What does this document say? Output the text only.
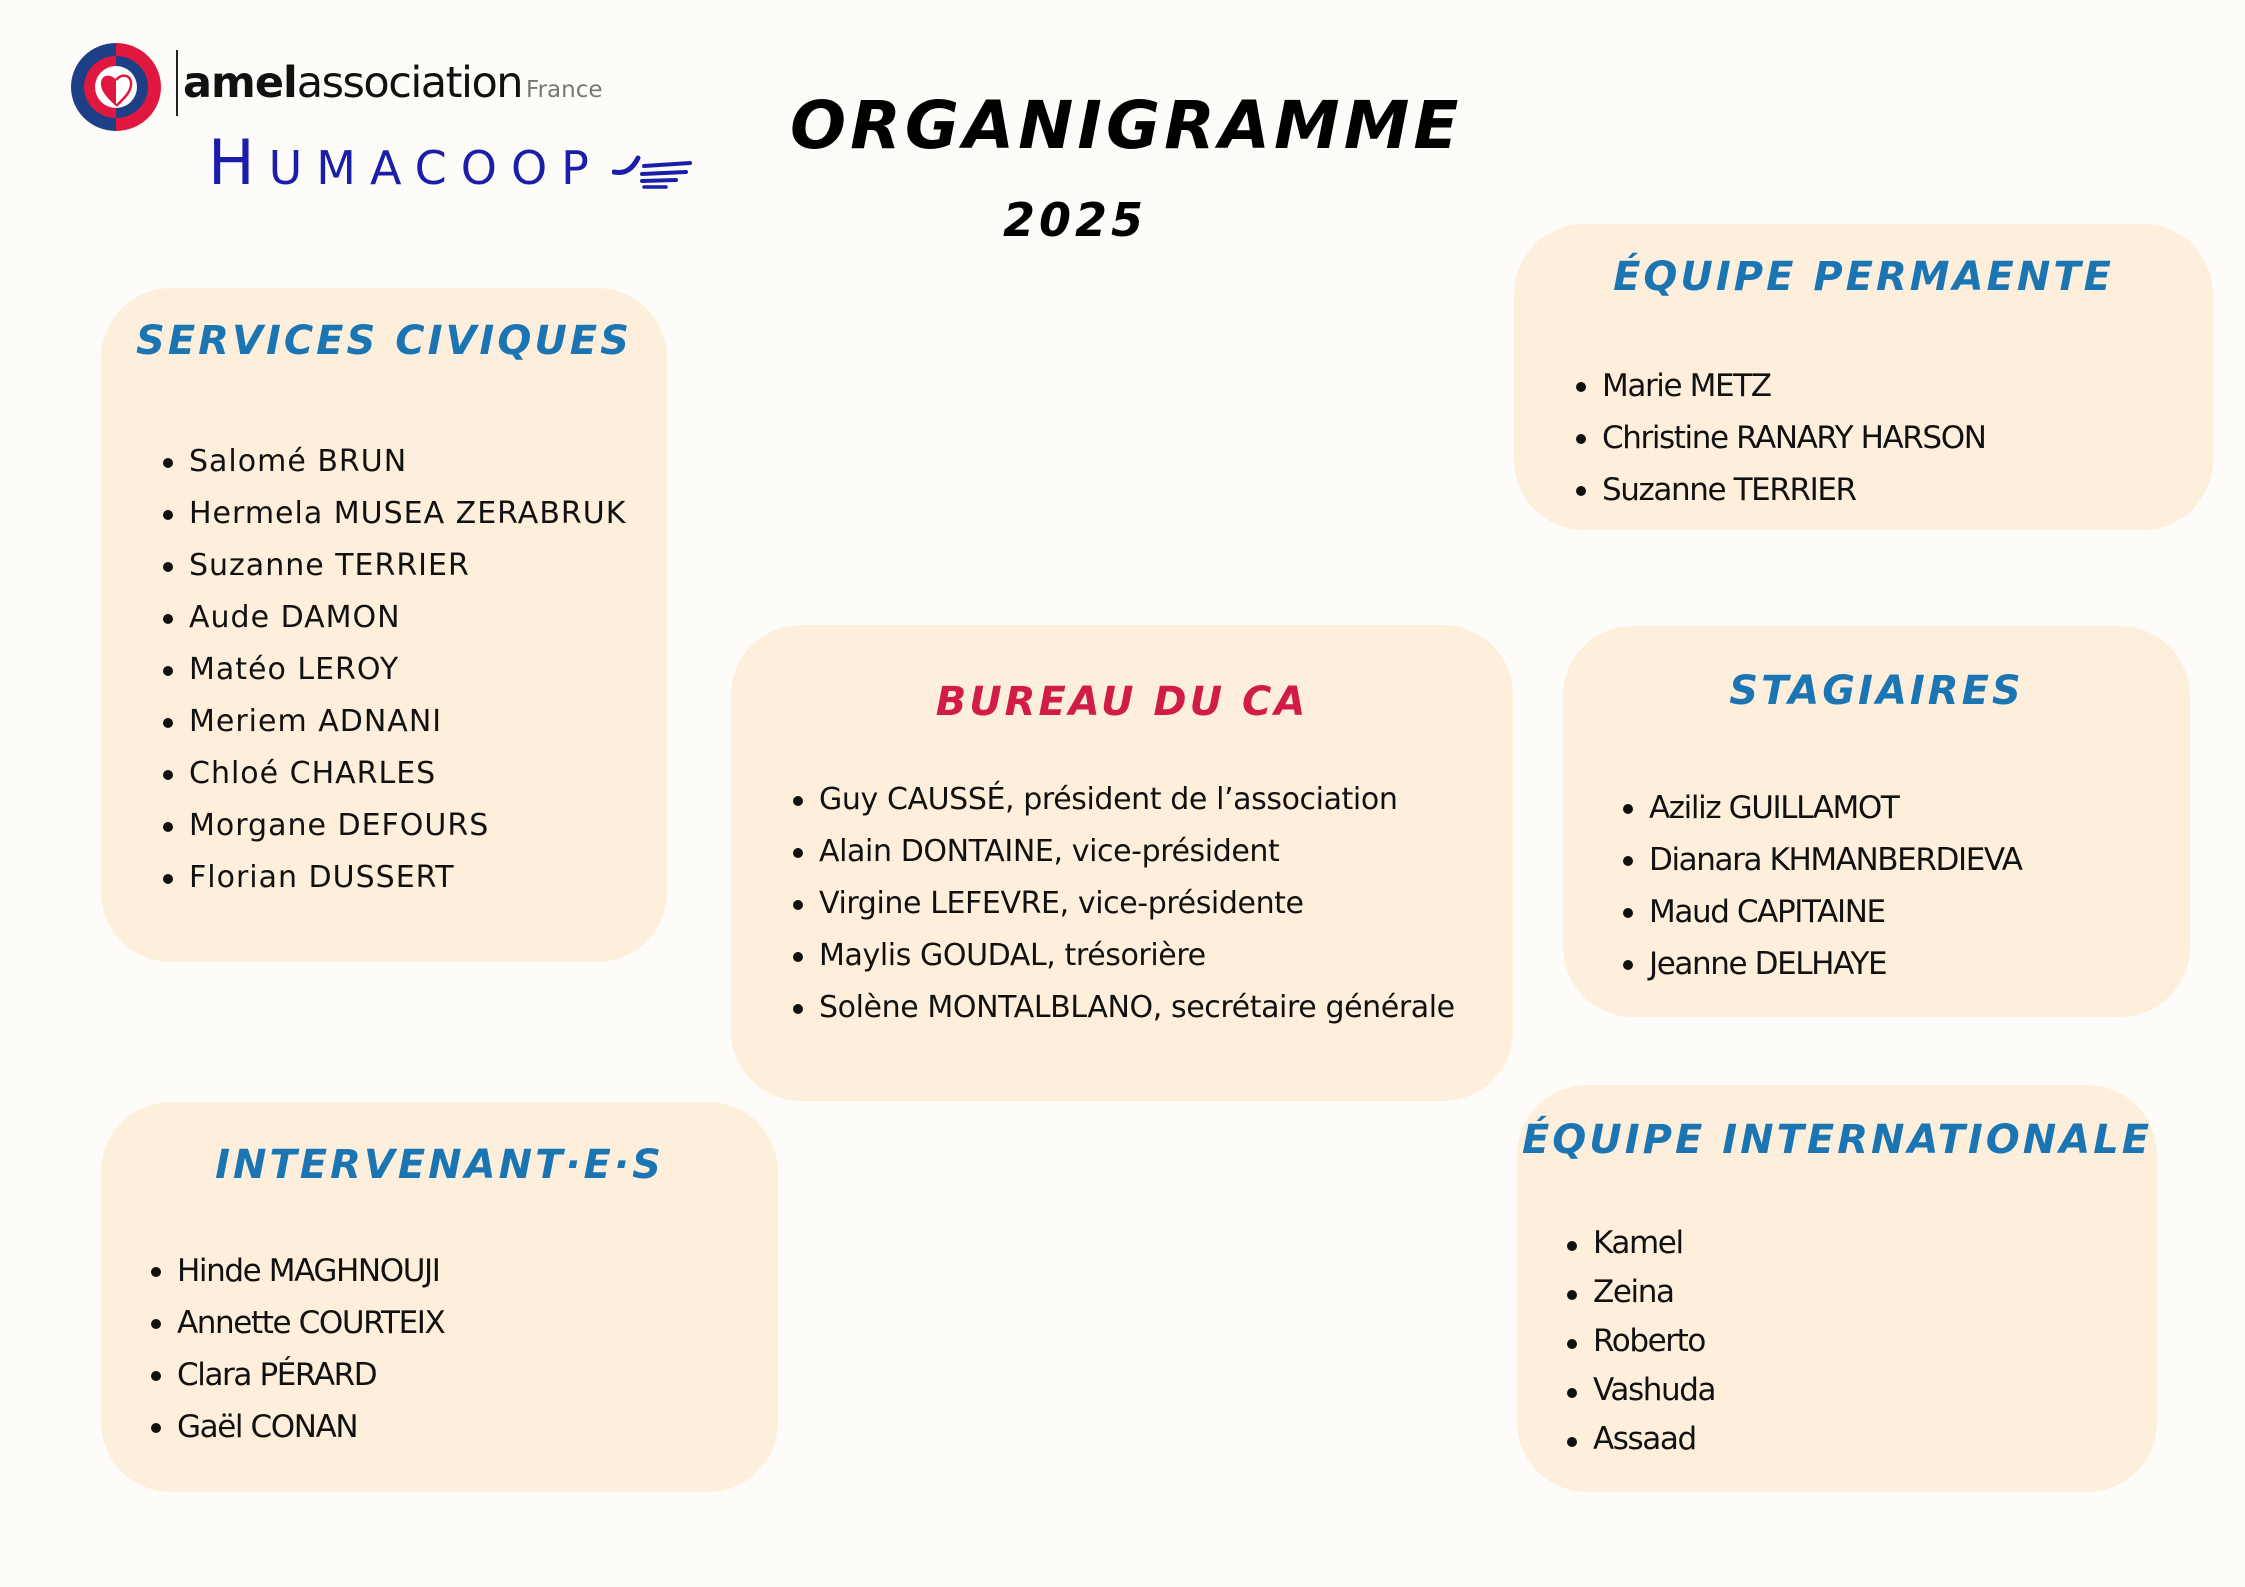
amelassociation France
HUMACOOP
ORGANIGRAMME
2025
SERVICES CIVIQUES
Salomé BRUN
Hermela MUSEA ZERABRUK
Suzanne TERRIER
Aude DAMON
Matéo LEROY
Meriem ADNANI
Chloé CHARLES
Morgane DEFOURS
Florian DUSSERT
BUREAU DU CA
Guy CAUSSÉ, président de l’association
Alain DONTAINE, vice-président
Virgine LEFEVRE, vice-présidente
Maylis GOUDAL, trésorière
Solène MONTALBLANO, secrétaire générale
ÉQUIPE PERMAENTE
Marie METZ
Christine RANARY HARSON
Suzanne TERRIER
STAGIAIRES
Aziliz GUILLAMOT
Dianara KHMANBERDIEVA
Maud CAPITAINE
Jeanne DELHAYE
INTERVENANT·E·S
Hinde MAGHNOUJI
Annette COURTEIX
Clara PÉRARD
Gaël CONAN
ÉQUIPE INTERNATIONALE
Kamel
Zeina
Roberto
Vashuda
Assaad
